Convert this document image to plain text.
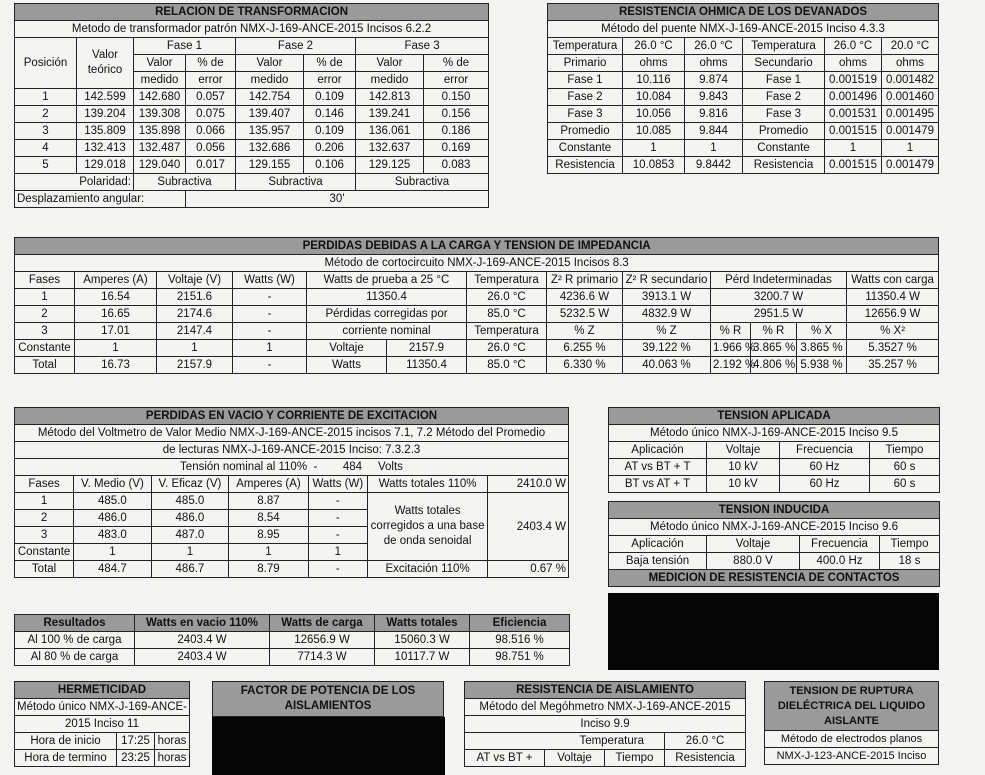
RELACION DE TRANSFORMACION							
Metodo de transformador patrón NMX-J-169-ANCE-2015 Incisos 6.2.2							
Posición	Valor
teórico	Fase 1		Fase 2		Fase 3	
		Valor	% de	Valor	% de	Valor	% de
		medido	error	medido	error	medido	error
1	142.599	142.680	0.057	142.754	0.109	142.813	0.150
2	139.204	139.308	0.075	139.407	0.146	139.241	0.156
3	135.809	135.898	0.066	135.957	0.109	136.061	0.186
4	132.413	132.487	0.056	132.686	0.206	132.637	0.169
5	129.018	129.040	0.017	129.155	0.106	129.125	0.083
Polaridad:		Subractiva		Subractiva		Subractiva	
Desplazamiento angular:			30'				
RESISTENCIA OHMICA DE LOS DEVANADOS					
Método del puente NMX-J-169-ANCE-2015 Inciso 4.3.3					
Temperatura	26.0 °C	26.0 °C	Temperatura	26.0 °C	20.0 °C
Primario	ohms	ohms	Secundario	ohms	ohms
Fase 1	10.116	9.874	Fase 1	0.001519	0.001482
Fase 2	10.084	9.843	Fase 2	0.001496	0.001460
Fase 3	10.056	9.816	Fase 3	0.001531	0.001495
Promedio	10.085	9.844	Promedio	0.001515	0.001479
Constante	1	1	Constante	1	1
Resistencia	10.0853	9.8442	Resistencia	0.001515	0.001479
PERDIDAS DEBIDAS A LA CARGA Y TENSION DE IMPEDANCIA												
Método de cortocircuito NMX-J-169-ANCE-2015 Incisos 8.3												
Fases	Amperes (A)	Voltaje (V)	Watts (W)	Watts de prueba a 25 °C		Temperatura	Z² R primario	Z² R secundario	Pérd Indeterminadas			Watts con carga
1	16.54	2151.6	-	11350.4		26.0 °C	4236.6 W	3913.1 W	3200.7 W			11350.4 W
2	16.65	2174.6	-	Pérdidas corregidas por		85.0 °C	5232.5 W	4832.9 W	2951.5 W			12656.9 W
3	17.01	2147.4	-	corriente nominal		Temperatura	% Z	% Z	% R	% R	% X	% X²
Constante	1	1	1	Voltaje	2157.9	26.0 °C	6.255 %	39.122 %	1.966 %	3.865 %	3.865 %	5.3527 %
Total	16.73	2157.9	-	Watts	11350.4	85.0 °C	6.330 %	40.063 %	2.192 %	4.806 %	5.938 %	35.257 %
PERDIDAS EN VACIO Y CORRIENTE DE EXCITACION						
Método del Voltmetro de Valor Medio NMX-J-169-ANCE-2015 incisos 7.1, 7.2 Método del Promedio						
de lecturas NMX-J-169-ANCE-2015 Inciso: 7.3.2.3						
Tensión nominal al 110%  -        484     Volts						
Fases	V. Medio (V)	V. Eficaz (V)	Amperes (A)	Watts (W)	Watts totales 110%	2410.0 W
1	485.0	485.0	8.87	-	Watts totales
corregidos a una base
de onda senoidal	2403.4 W
2	486.0	486.0	8.54	-		
3	483.0	487.0	8.95	-		
Constante	1	1	1	1		
Total	484.7	486.7	8.79	-	Excitación 110%	0.67 %
Resultados	Watts en vacio 110%	Watts de carga	Watts totales	Eficiencia
Al 100 % de carga	2403.4 W	12656.9 W	15060.3 W	98.516 %
Al 80 % de carga	2403.4 W	7714.3 W	10117.7 W	98.751 %
TENSION APLICADA			
Método único NMX-J-169-ANCE-2015 Inciso 9.5			
Aplicación	Voltaje	Frecuencia	Tiempo
AT vs BT + T	10 kV	60 Hz	60 s
BT vs AT + T	10 kV	60 Hz	60 s
TENSION INDUCIDA			
Método único NMX-J-169-ANCE-2015 Inciso 9.6			
Aplicación	Voltaje	Frecuencia	Tiempo
Baja tensión	880.0 V	400.0 Hz	18 s
MEDICION DE RESISTENCIA DE CONTACTOS			
HERMETICIDAD		
Método único NMX-J-169-ANCE-		
2015 Inciso 11		
Hora de inicio	17:25	horas
Hora de termino	23:25	horas
FACTOR DE POTENCIA DE LOS
AISLAMIENTOS
RESISTENCIA DE AISLAMIENTO			
Método del Megóhmetro NMX-J-169-ANCE-2015			
Inciso 9.9			
Temperatura			26.0 °C
AT vs BT +	Voltaje	Tiempo	Resistencia
TENSION DE RUPTURA
DIELÉCTRICA DEL LIQUIDO
AISLANTE
Método de electrodos planos
NMX-J-123-ANCE-2015 Inciso
